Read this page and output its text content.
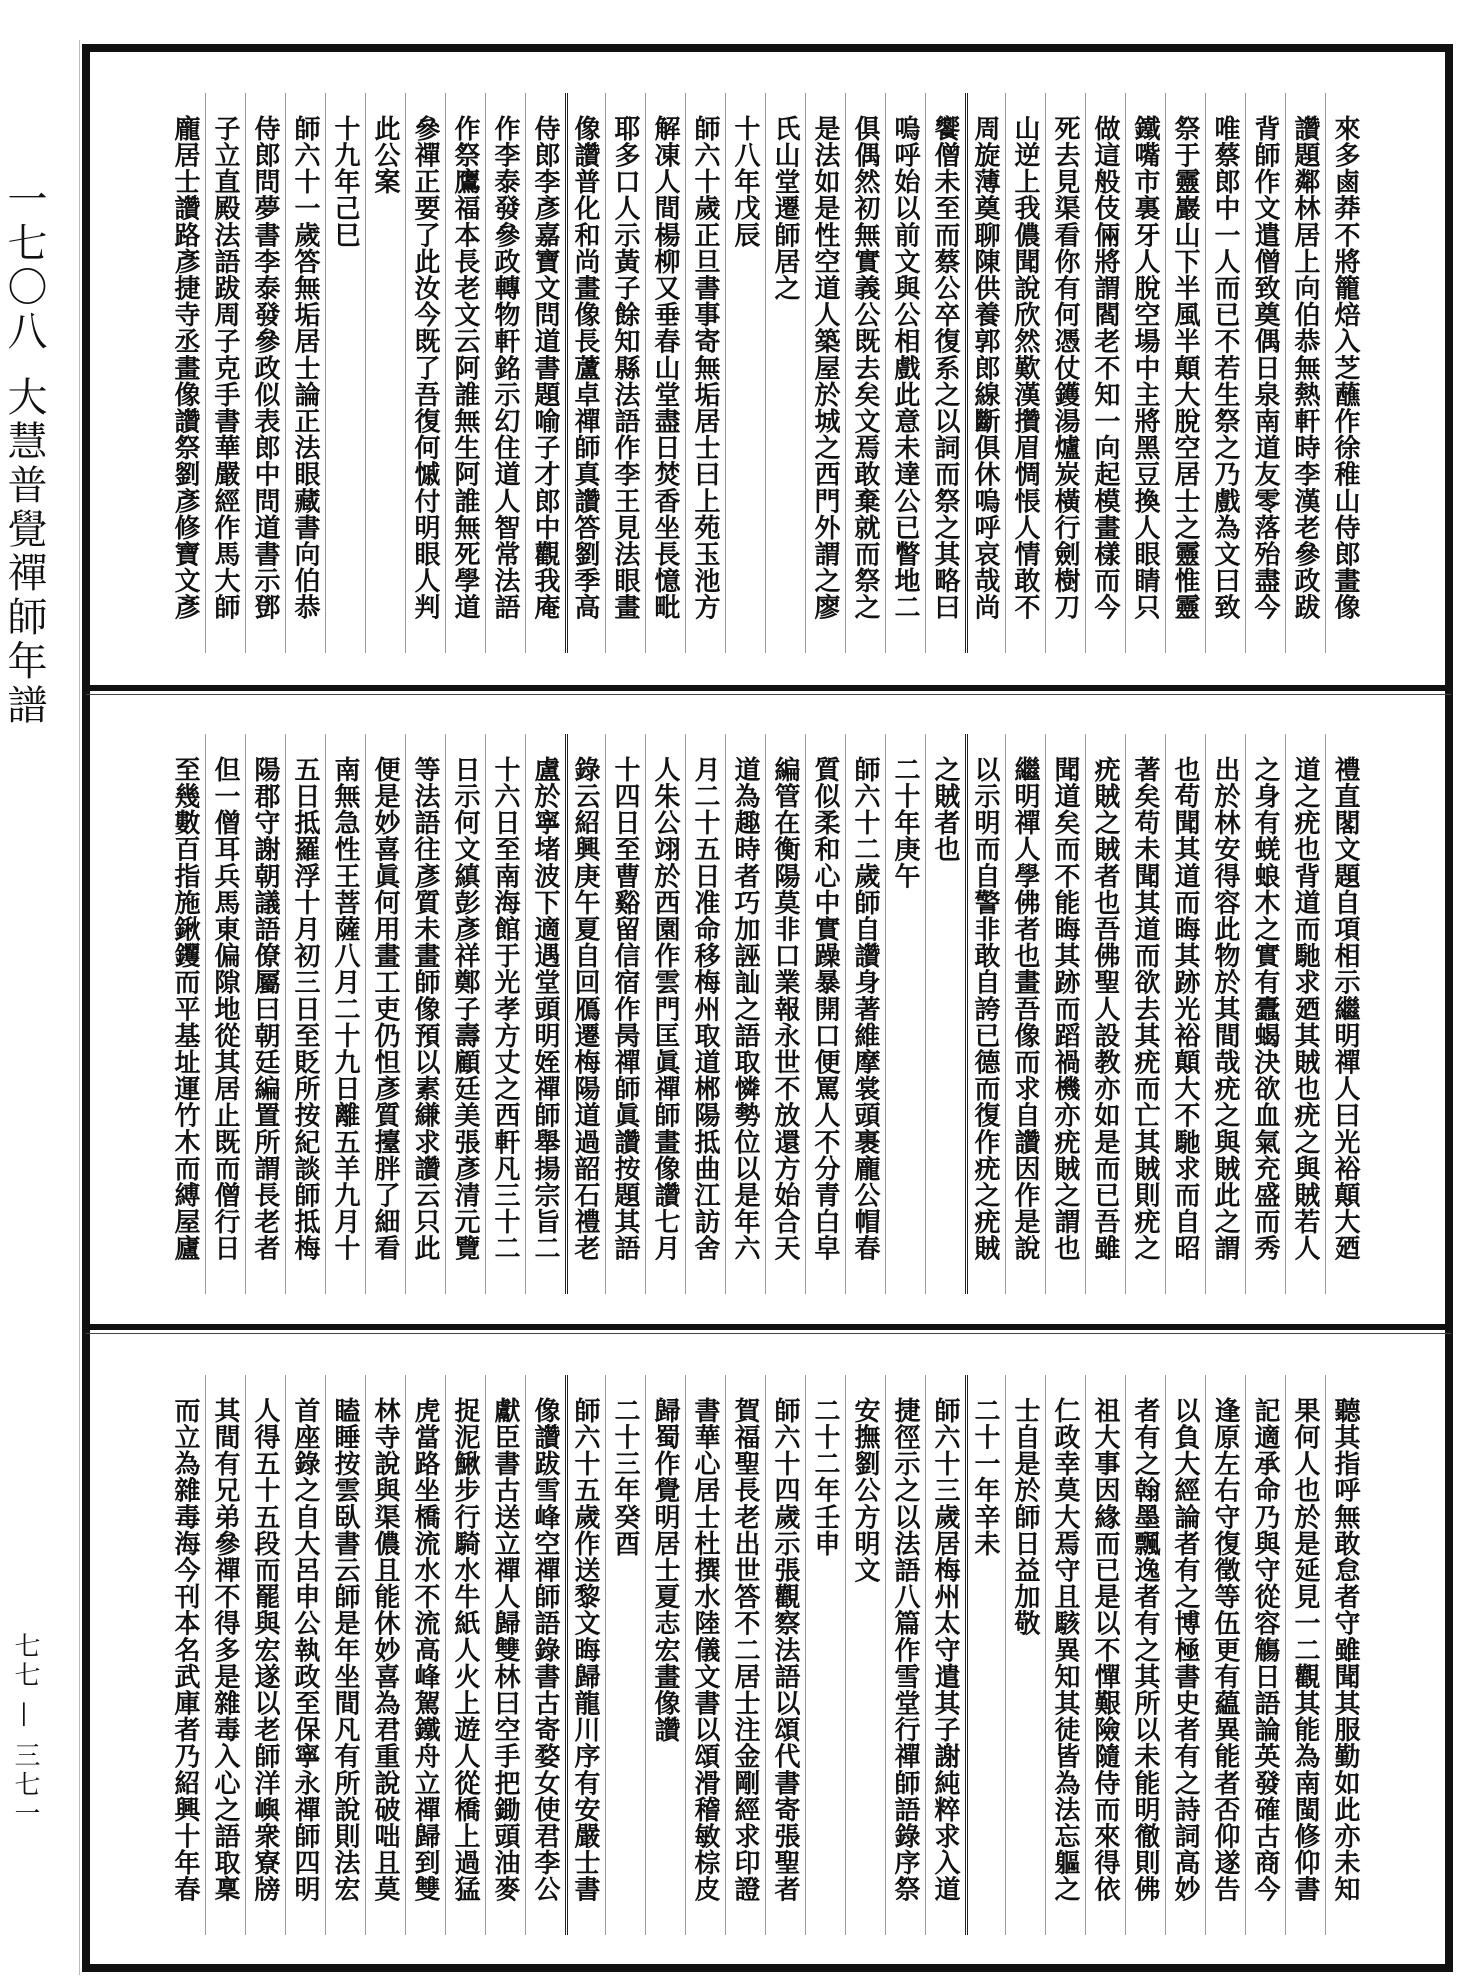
一七〇八大慧普覺禪師年譜
七七 — 三七一
來多鹵莽不將籠焙入芝蘸作徐稚山侍郎畫像
讚題鄰林居上向伯恭無熱軒時李漢老參政跋
背師作文遣僧致奠偶日泉南道友零落殆盡今
唯蔡郎中一人而已不若生祭之乃戲為文曰致
祭于靈巖山下半風半顛大脫空居士之靈惟靈
鐵嘴市裏牙人脫空場中主將黑豆換人眼睛只
做這般伎倆將謂閻老不知一向起模畫樣而今
死去見渠看你有何憑仗鑊湯爐炭橫行劍樹刀
山逆上我儂聞說欣然歎漢攢眉惆悵人情敢不
周旋薄奠聊陳供養郭郎線斷俱休嗚呼哀哉尚
饗僧未至而蔡公卒復系之以詞而祭之其略曰
嗚呼始以前文與公相戲此意未達公已瞥地二
俱偶然初無實義公既去矣文焉敢棄就而祭之
是法如是性空道人築屋於城之西門外謂之廖
氏山堂遷師居之
十八年戊辰
師六十歲正旦書事寄無垢居士曰上苑玉池方
解凍人間楊柳又垂春山堂盡日焚香坐長憶毗
耶多口人示黃子餘知縣法語作李王見法眼畫
像讚普化和尚畫像長蘆卓禪師真讚答劉季高
侍郎李彥嘉寶文問道書題喻子才郎中觀我庵
作李泰發參政轉物軒銘示幻住道人智常法語
作祭鷹福本長老文云阿誰無生阿誰無死學道
參禪正要了此汝今既了吾復何慽付明眼人判
此公案
十九年己巳
師六十一歲答無垢居士論正法眼藏書向伯恭
侍郎問夢書李泰發參政似表郎中問道書示鄧
子立直殿法語跋周子克手書華嚴經作馬大師
龐居士讚路彥捷寺丞畫像讚祭劉彥修寶文彥
禮直閣文題自項相示繼明禪人曰光裕顛大廼
道之疣也背道而馳求廼其賊也疣之與賊若人
之身有蜣蜋木之實有蠹蝎決欲血氣充盛而秀
出於林安得容此物於其間哉疣之與賊此之謂
也苟聞其道而晦其跡光裕顛大不馳求而自昭
著矣苟未聞其道而欲去其疣而亡其賊則疣之
疣賊之賊者也吾佛聖人設教亦如是而已吾雖
聞道矣而不能晦其跡而蹈禍機亦疣賊之謂也
繼明禪人學佛者也畫吾像而求自讚因作是說
以示明而自警非敢自誇已德而復作疣之疣賊
之賊者也
二十年庚午
師六十二歲師自讚身著維摩裳頭裹龐公帽春
質似柔和心中實躁暴開口便罵人不分青白皁
編管在衡陽莫非口業報永世不放還方始合天
道為趣時者巧加誣訕之語取憐勢位以是年六
月二十五日准命移梅州取道郴陽抵曲江訪舍
人朱公翊於西園作雲門匡眞禪師畫像讚七月
十四日至曹谿留信宿作昺禪師眞讚按題其語
錄云紹興庚午夏自回鴈遷梅陽道過韶石禮老
盧於寧堵波下適遇堂頭明姪禪師舉揚宗旨二
十六日至南海館于光孝方丈之西軒凡三十二
日示何文縝彭彥祥鄭子壽顧廷美張彥清元覽
等法語往彥質未畫師像預以素縑求讚云只此
便是妙喜眞何用畫工吏仍怛彥質擡胖了細看
南無急性王菩薩八月二十九日離五羊九月十
五日抵羅浮十月初三日至貶所按紀談師抵梅
陽郡守謝朝議語僚屬曰朝廷編置所謂長老者
但一僧耳兵馬東偏隙地從其居止既而僧行日
至幾數百指施鍬钁而平基址運竹木而縛屋廬
聽其指呼無敢怠者守雖聞其服勤如此亦未知
果何人也於是延見一二觀其能為南閩修仰書
記適承命乃與守從容觴日語論英發確古商今
逢原左右守復徵等伍更有藴異能者否仰遂告
以負大經論者有之博極書史者有之詩詞高妙
者有之翰墨飄逸者有之其所以未能明徹則佛
祖大事因緣而已是以不憚艱險隨侍而來得依
仁政幸莫大焉守且駭異知其徒皆為法忘軀之
士自是於師日益加敬
二十一年辛未
師六十三歲居梅州太守遣其子謝純粹求入道
捷徑示之以法語八篇作雪堂行禪師語錄序祭
安撫劉公方明文
二十二年壬申
師六十四歲示張觀察法語以頌代書寄張聖者
賀福聖長老出世答不二居士注金剛經求印證
書華心居士杜撰水陸儀文書以頌滑稽敏棕皮
歸蜀作覺明居士夏志宏畫像讚
二十三年癸酉
師六十五歲作送黎文晦歸龍川序有安嚴士書
像讚跋雪峰空禪師語錄書古寄婺女使君李公
獻臣書古送立禪人歸雙林曰空手把鋤頭油麥
捉泥鰍步行騎水牛紙人火上遊人從橋上過猛
虎當路坐橋流水不流高峰駕鐵舟立禪歸到雙
林寺說與渠儂且能休妙喜為君重說破咄且莫
瞌睡按雲臥書云師是年坐間凡有所說則法宏
首座錄之自大呂申公執政至保寧永禪師四明
人得五十五段而罷與宏遂以老師洋嶼衆寮牓
其間有兄弟參禪不得多是雜毒入心之語取稟
而立為雜毒海今刊本名武庫者乃紹興十年春
